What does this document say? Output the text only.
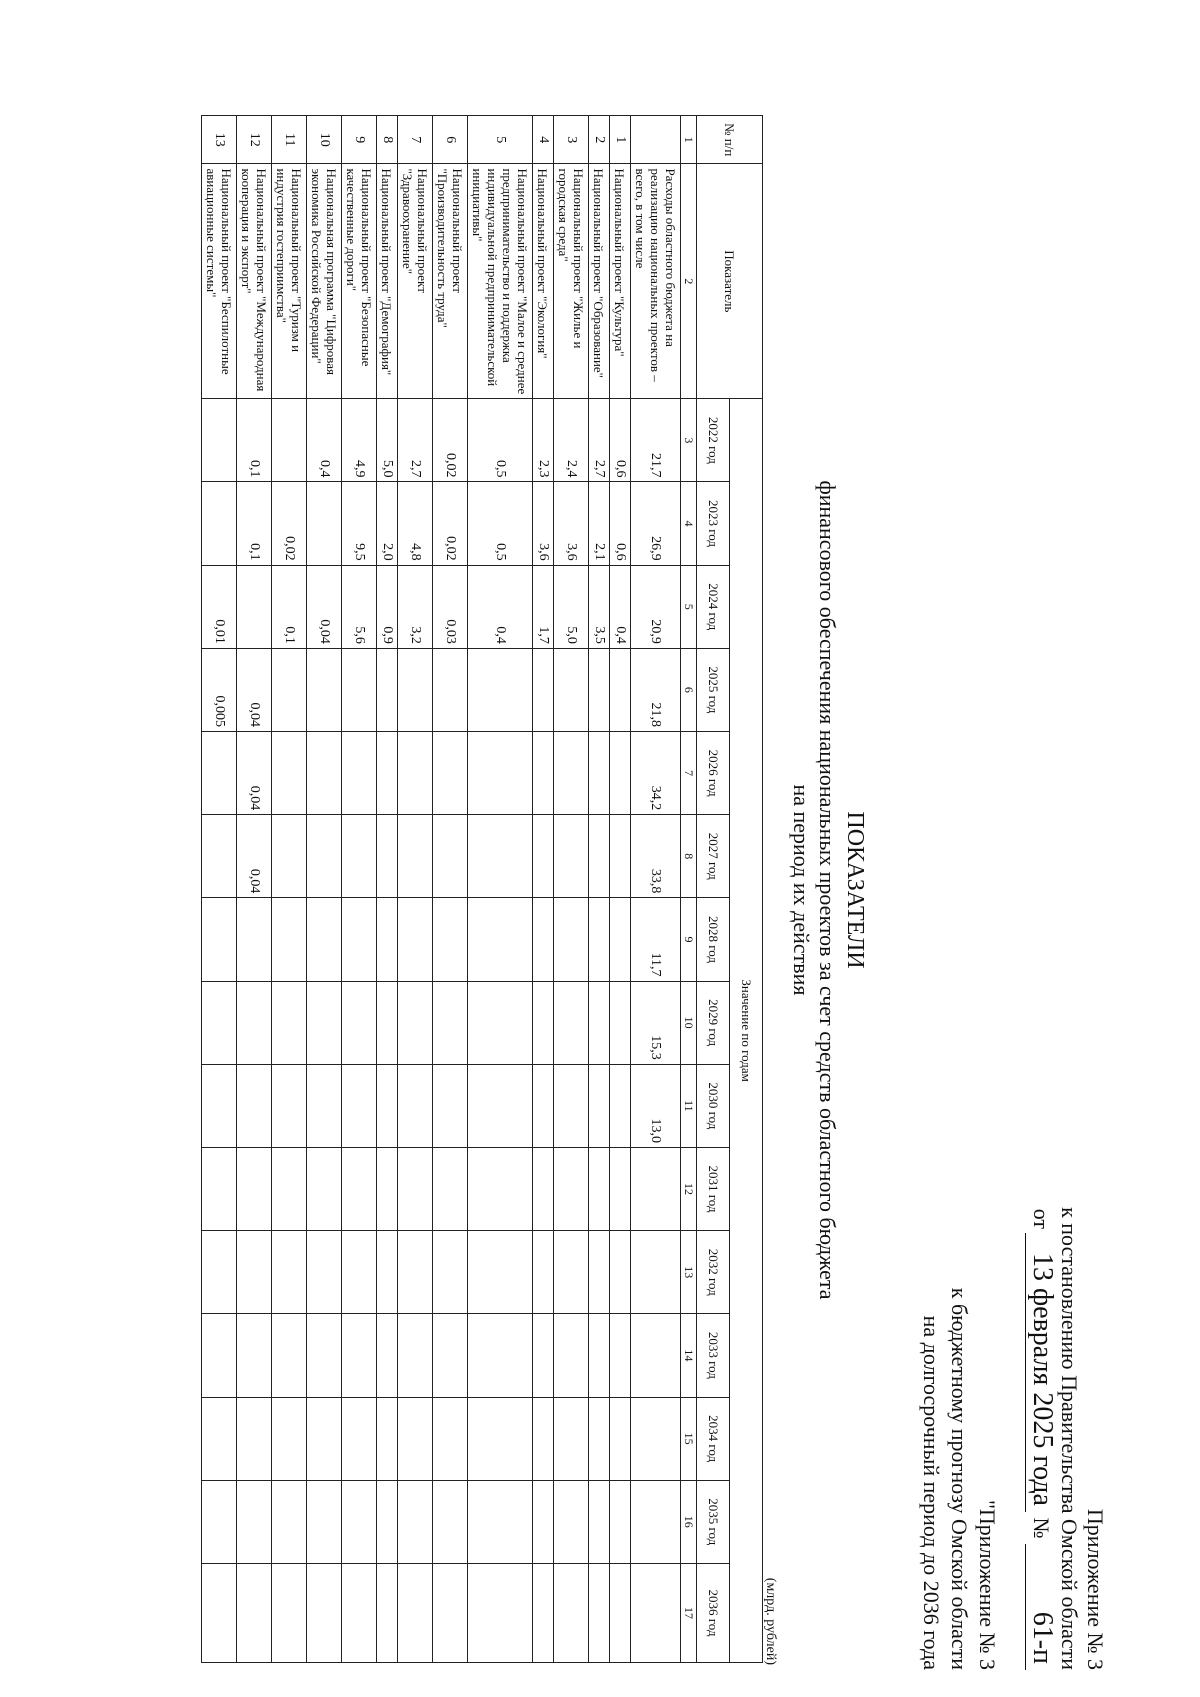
Приложение № 3
к постановлению Правительства Омской области
от13 февраля 2025 года № 61-п
"Приложение № 3
к бюджетному прогнозу Омской области
на долгосрочный период до 2036 года
ПОКАЗАТЕЛИ
финансового обеспечения национальных проектов за счет средств областного бюджета
на период их действия
(млрд. рублей)
№ п/п	Показатель	Значение по годам														
		2022 год	2023 год	2024 год	2025 год	2026 год	2027 год	2028 год	2029 год	2030 год	2031 год	2032 год	2033 год	2034 год	2035 год	2036 год
1	2	3	4	5	6	7	8	9	10	11	12	13	14	15	16	17
	Расходы областного бюджета на реализацию национальных проектов – всего, в том числе	21,7	26,9	20,9	21,8	34,2	33,8	11,7	15,3	13,0						
1	Национальный проект "Культура"	0,6	0,6	0,4												
2	Национальный проект "Образование"	2,7	2,1	3,5												
3	Национальный проект "Жилье и городская среда"	2,4	3,6	5,0												
4	Национальный проект "Экология"	2,3	3,6	1,7												
5	Национальный проект "Малое и среднее предпринимательство и поддержка индивидуальной предпринимательской инициативы"	0,5	0,5	0,4												
6	Национальный проект "Производительность труда"	0,02	0,02	0,03												
7	Национальный проект "Здравоохранение"	2,7	4,8	3,2												
8	Национальный проект "Демография"	5,0	2,0	0,9												
9	Национальный проект "Безопасные качественные дороги"	4,9	9,5	5,6												
10	Национальная программа "Цифровая экономика Российской Федерации"	0,4		0,04												
11	Национальный проект "Туризм и индустрия гостеприимства"		0,02	0,1												
12	Национальный проект "Международная кооперация и экспорт"	0,1	0,1		0,04	0,04	0,04									
13	Национальный проект "Беспилотные авиационные системы"			0,01	0,005											
